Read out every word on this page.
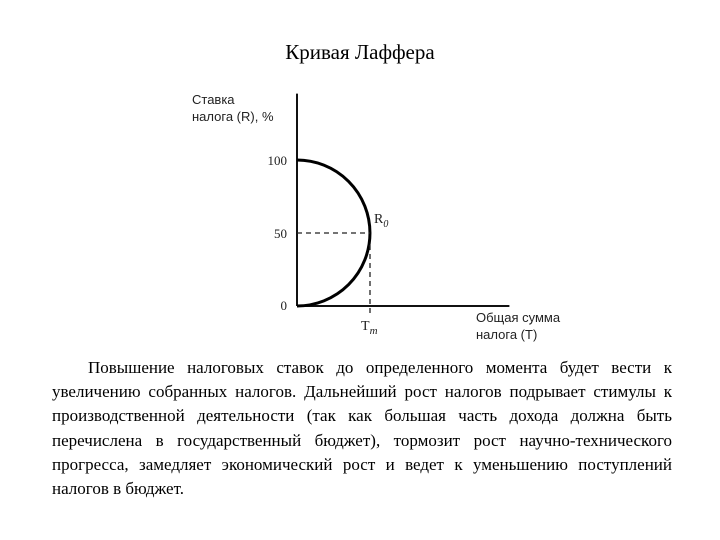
Кривая Лаффера
Ставка
налога (R), %
0
50
100
$R_0$
$T_m$
Общая сумма
налога (T)

Повышение налоговых ставок до определенного момента будет вести к увеличению собранных налогов. Дальнейший рост налогов подрывает стимулы к производственной деятельности (так как большая часть дохода должна быть перечислена в государственный бюджет), тормозит рост научно-технического прогресса, замедляет экономический рост и ведет к уменьшению поступлений налогов в бюджет.
